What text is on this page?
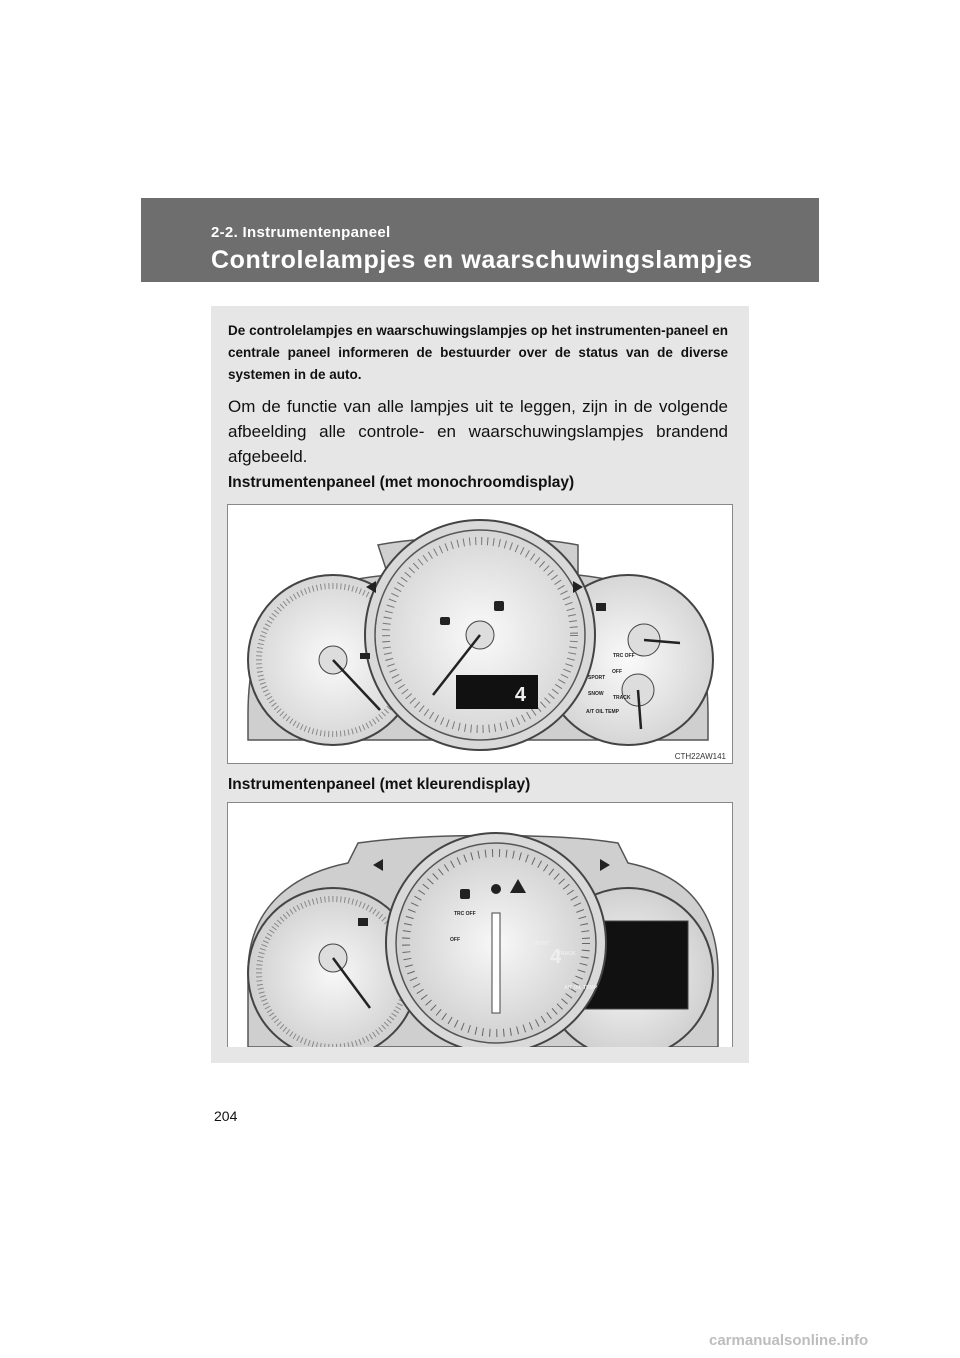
2-2. Instrumentenpaneel
Controlelampjes en waarschuwingslampjes
De controlelampjes en waarschuwingslampjes op het instrumenten-paneel en centrale paneel informeren de bestuurder over de status van de diverse systemen in de auto.
Om de functie van alle lampjes uit te leggen, zijn in de volgende afbeelding alle controle- en waarschuwingslampjes brandend afgebeeld.
Instrumentenpaneel (met monochroomdisplay)
4
TRC OFF
OFF
SPORT
SNOW
TRACK
A/T OIL TEMP
CTH22AW141
Instrumentenpaneel (met kleurendisplay)
4
TRC OFF
OFF
SPORT
TRACK
A/T OIL TEMP
204
carmanualsonline.info
